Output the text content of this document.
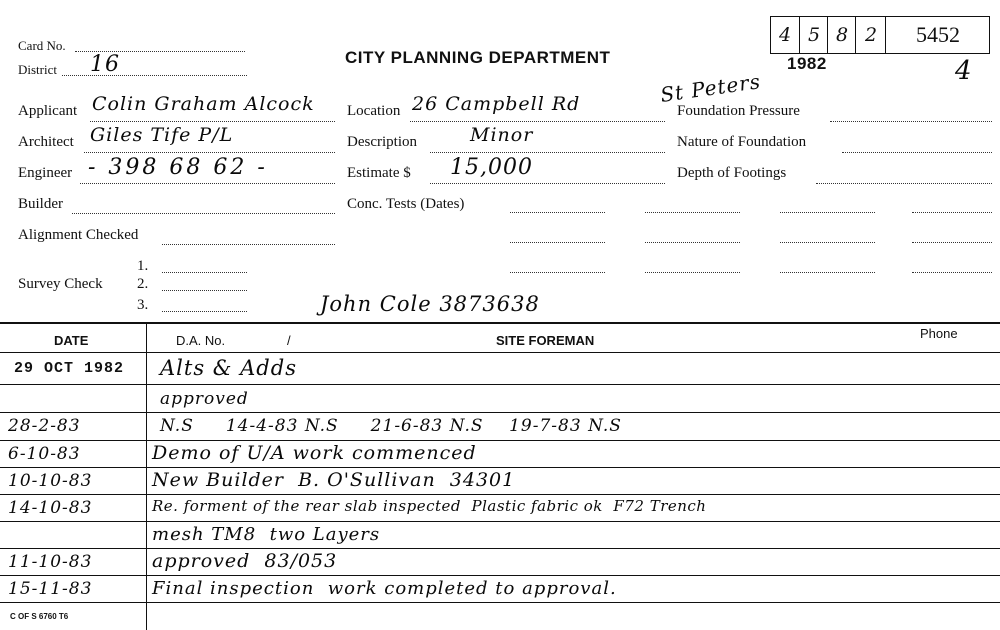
Card No.
District 16	CITY PLANNING DEPARTMENT	1982	4
4 5 8 2	5452
Applicant Colin Graham Alcock
Architect Giles Tife P/L
Engineer - 398 68 62 -
Builder
Alignment Checked
Survey Check
1.
2.
3.	John Cole 3873638
St Peters
Location 26 Campbell Rd
Description	Minor
Estimate $ 15,000
Conc. Tests (Dates)
Foundation Pressure
Nature of Foundation
Depth of Footings
DATE	D.A. No.	/	SITE FOREMAN	Phone
29 OCT 1982 Alts & Adds
approved
28-2-83	N.S     14-4-83 N.S     21-6-83 N.S    19-7-83 N.S
6-10-83	Demo of U/A work commenced
10-10-83	New Builder  B. O'Sullivan  34301
14-10-83	Re. forment of the rear slab inspected  Plastic fabric ok  F72 Trench
mesh TM8  two Layers
11-10-83	approved  83/053
15-11-83	Final inspection  work completed to approval.
C OF S 6760 T6
